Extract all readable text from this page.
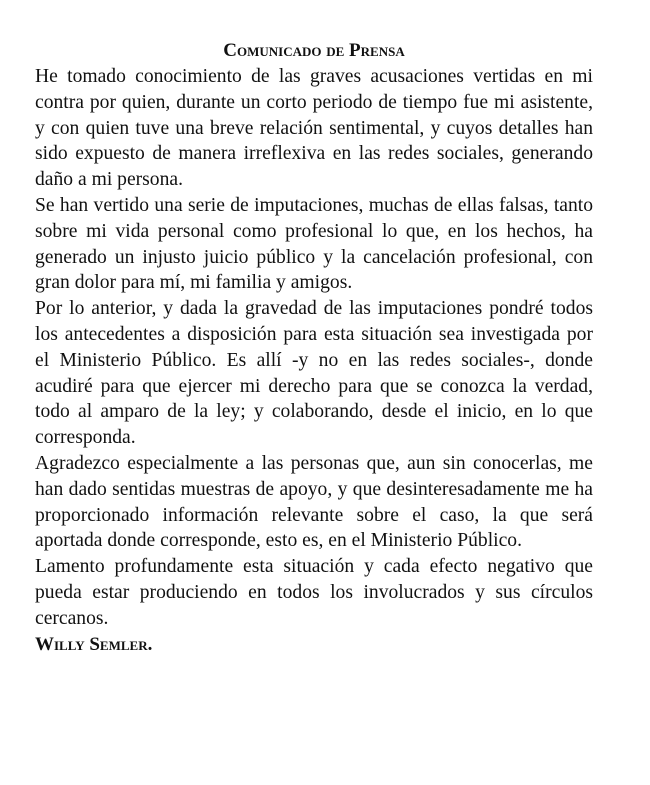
Comunicado de Prensa

He tomado conocimiento de las graves acusaciones vertidas en mi contra por quien, durante un corto periodo de tiempo fue mi asistente, y con quien tuve una breve relación sentimental, y cuyos detalles han sido expuesto de manera irreflexiva en las redes sociales, generando daño a mi persona.

Se han vertido una serie de imputaciones, muchas de ellas falsas, tanto sobre mi vida personal como profesional lo que, en los hechos, ha generado un injusto juicio público y la cancelación profesional, con gran dolor para mí, mi familia y amigos.

Por lo anterior, y dada la gravedad de las imputaciones pondré todos los antecedentes a disposición para esta situación sea investigada por el Ministerio Público. Es allí -y no en las redes sociales-, donde acudiré para que ejercer mi derecho para que se conozca la verdad, todo al amparo de la ley; y colaborando, desde el inicio, en lo que corresponda.

Agradezco especialmente a las personas que, aun sin conocerlas, me han dado sentidas muestras de apoyo, y que desinteresadamente me ha proporcionado información relevante sobre el caso, la que será aportada donde corresponde, esto es, en el Ministerio Público.

Lamento profundamente esta situación y cada efecto negativo que pueda estar produciendo en todos los involucrados y sus círculos cercanos.

Willy Semler.
